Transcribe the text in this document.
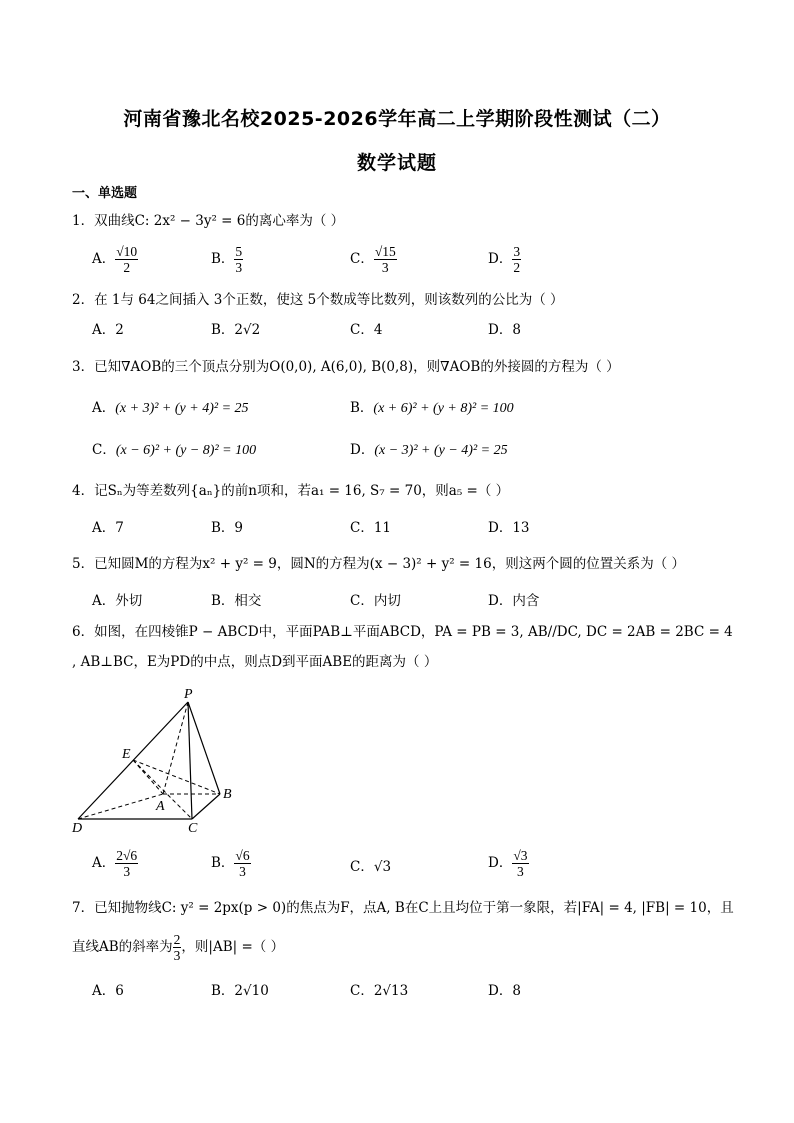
河南省豫北名校2025-2026学年高二上学期阶段性测试（二）
数学试题
一、单选题
1．双曲线C: 2x² − 3y² = 6的离心率为（ ）
A． $\frac{√10}{2}$	B． $\frac{5}{3}$	C． $\frac{√15}{3}$	D． $\frac{3}{2}$
2．在 1与 64之间插入 3个正数，使这 5个数成等比数列，则该数列的公比为（ ）
A．2	B．2√2	C．4	D．8
3．已知∇AOB的三个顶点分别为O(0,0), A(6,0), B(0,8)，则∇AOB的外接圆的方程为（ ）
A．(x + 3)² + (y + 4)² = 25	B．(x + 6)² + (y + 8)² = 100
C．(x − 6)² + (y − 8)² = 100	D．(x − 3)² + (y − 4)² = 25
4．记Sₙ为等差数列{aₙ}的前n项和，若a₁ = 16, S₇ = 70，则a₅ =（ ）
A．7	B．9	C．11	D．13
5．已知圆M的方程为x² + y² = 9，圆N的方程为(x − 3)² + y² = 16，则这两个圆的位置关系为（ ）
A．外切	B．相交	C．内切	D．内含
6．如图，在四棱锥P − ABCD中，平面PAB⊥平面ABCD，PA = PB = 3, AB//DC, DC = 2AB = 2BC = 4
, AB⊥BC，E为PD的中点，则点D到平面ABE的距离为（ ）
P
E
A
B
D	C
A． $\frac{2√6}{3}$	B． $\frac{√6}{3}$	C．√3	D． $\frac{√3}{3}$
7．已知抛物线C: y² = 2px(p > 0)的焦点为F，点A, B在C上且均位于第一象限，若|FA| = 4, |FB| = 10，且
直线AB的斜率为 $\frac{2}{3}$ ，则|AB| =（ ）
A．6	B．2√10	C．2√13	D．8
